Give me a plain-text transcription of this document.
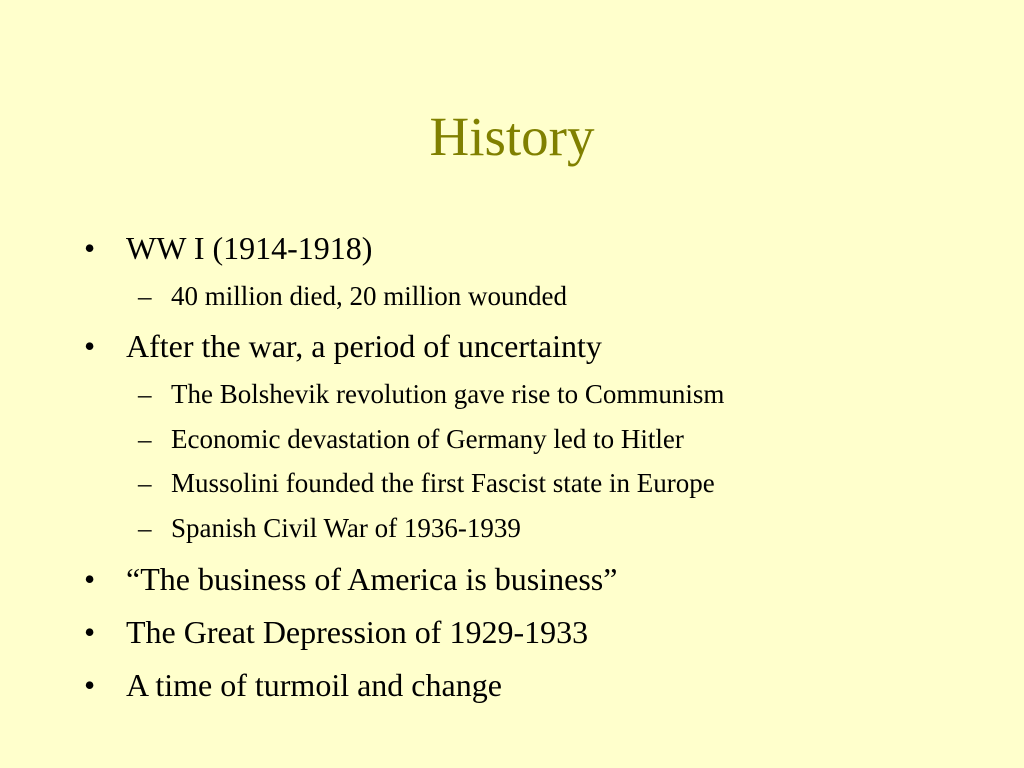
History
• WW I (1914-1918)
– 40 million died, 20 million wounded
• After the war, a period of uncertainty
– The Bolshevik revolution gave rise to Communism
– Economic devastation of Germany led to Hitler
– Mussolini founded the first Fascist state in Europe
– Spanish Civil War of 1936-1939
• “The business of America is business”
• The Great Depression of 1929-1933
• A time of turmoil and change
